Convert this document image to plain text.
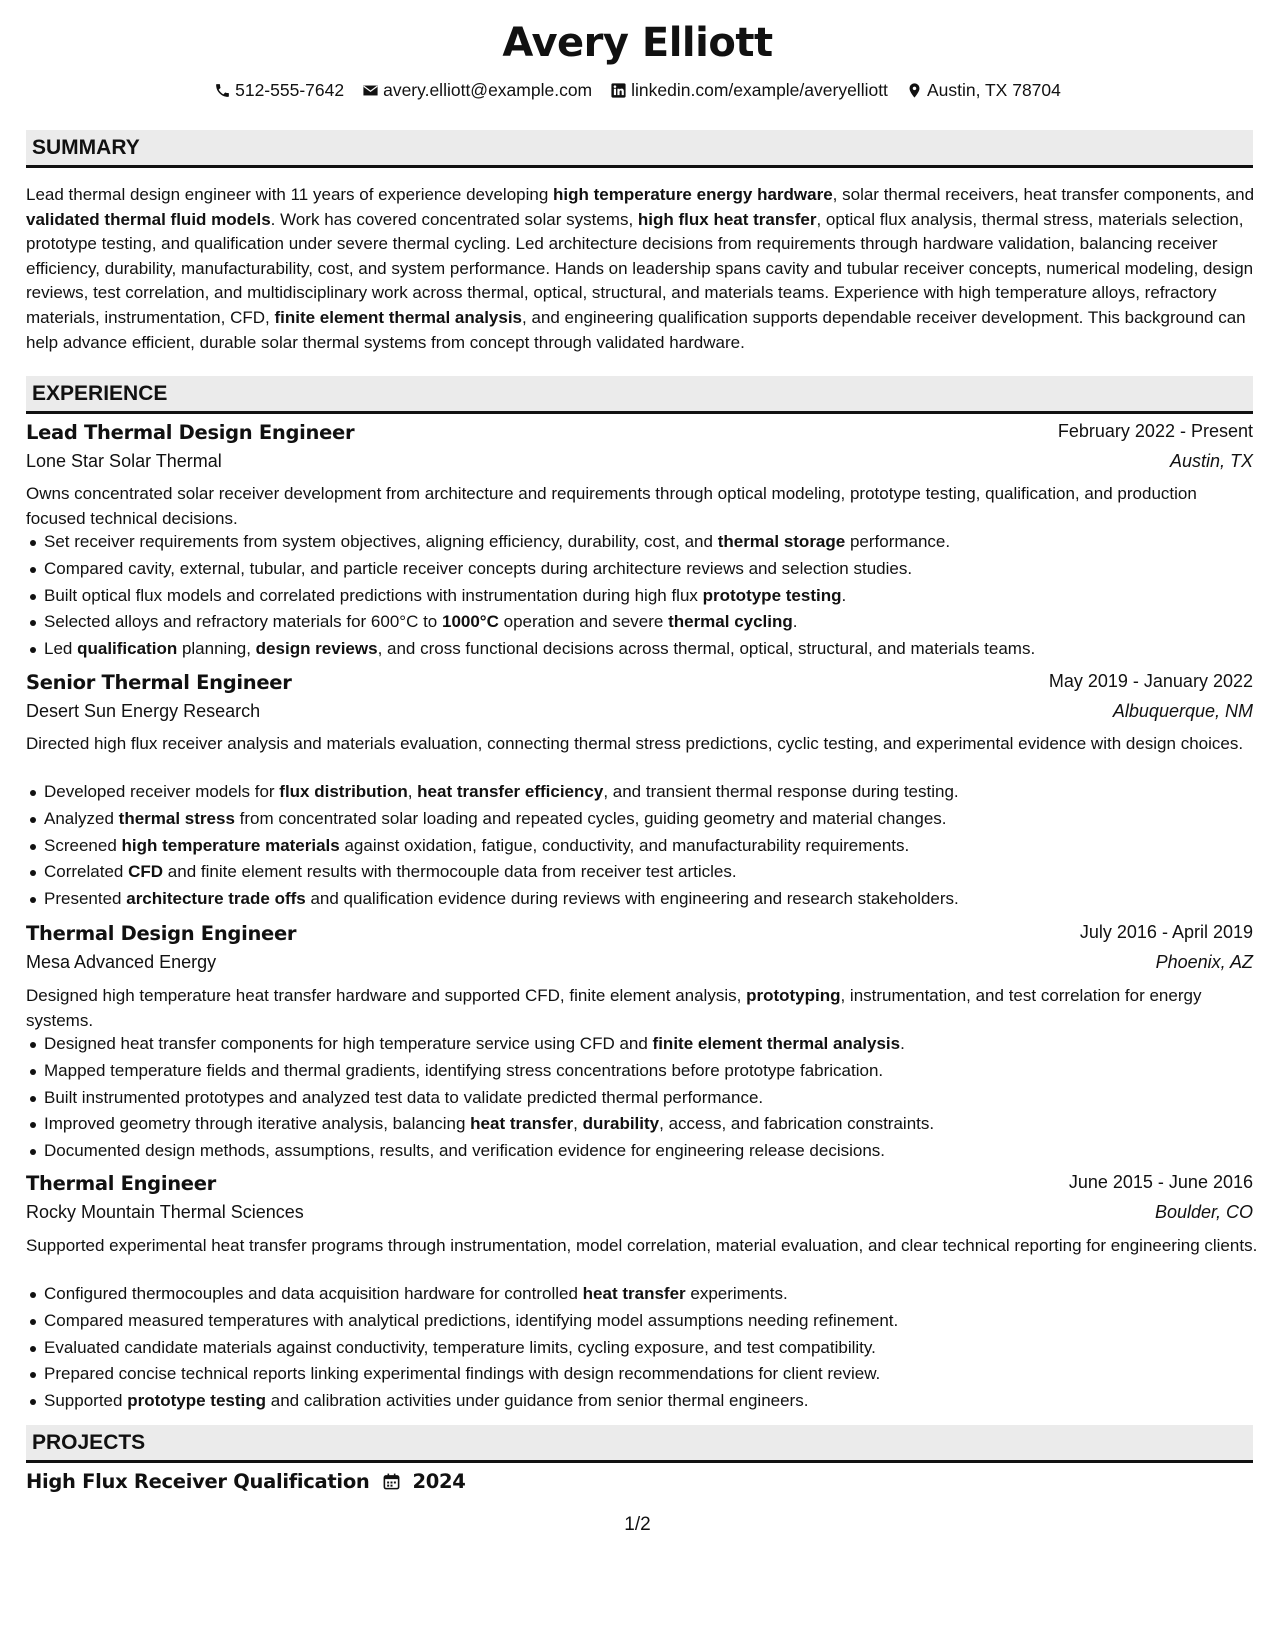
Avery Elliott
512-555-7642 avery.elliott@example.com linkedin.com/example/averyelliott Austin, TX 78704
SUMMARY

Lead thermal design engineer with 11 years of experience developing high temperature energy hardware, solar thermal receivers, heat transfer components, and validated thermal fluid models. Work has covered concentrated solar systems, high flux heat transfer, optical flux analysis, thermal stress, materials selection, prototype testing, and qualification under severe thermal cycling. Led architecture decisions from requirements through hardware validation, balancing receiver efficiency, durability, manufacturability, cost, and system performance. Hands on leadership spans cavity and tubular receiver concepts, numerical modeling, design reviews, test correlation, and multidisciplinary work across thermal, optical, structural, and materials teams. Experience with high temperature alloys, refractory materials, instrumentation, CFD, finite element thermal analysis, and engineering qualification supports dependable receiver development. This background can help advance efficient, durable solar thermal systems from concept through validated hardware.

EXPERIENCE
Lead Thermal Design Engineer	February 2022 - Present
Lone Star Solar Thermal	Austin, TX

Owns concentrated solar receiver development from architecture and requirements through optical modeling, prototype testing, qualification, and production focused technical decisions.

Set receiver requirements from system objectives, aligning efficiency, durability, cost, and thermal storage performance.
Compared cavity, external, tubular, and particle receiver concepts during architecture reviews and selection studies.
Built optical flux models and correlated predictions with instrumentation during high flux prototype testing.
Selected alloys and refractory materials for 600°C to 1000°C operation and severe thermal cycling.
Led qualification planning, design reviews, and cross functional decisions across thermal, optical, structural, and materials teams.
Senior Thermal Engineer	May 2019 - January 2022
Desert Sun Energy Research	Albuquerque, NM

Directed high flux receiver analysis and materials evaluation, connecting thermal stress predictions, cyclic testing, and experimental evidence with design choices.

Developed receiver models for flux distribution, heat transfer efficiency, and transient thermal response during testing.
Analyzed thermal stress from concentrated solar loading and repeated cycles, guiding geometry and material changes.
Screened high temperature materials against oxidation, fatigue, conductivity, and manufacturability requirements.
Correlated CFD and finite element results with thermocouple data from receiver test articles.
Presented architecture trade offs and qualification evidence during reviews with engineering and research stakeholders.
Thermal Design Engineer	July 2016 - April 2019
Mesa Advanced Energy	Phoenix, AZ

Designed high temperature heat transfer hardware and supported CFD, finite element analysis, prototyping, instrumentation, and test correlation for energy systems.

Designed heat transfer components for high temperature service using CFD and finite element thermal analysis.
Mapped temperature fields and thermal gradients, identifying stress concentrations before prototype fabrication.
Built instrumented prototypes and analyzed test data to validate predicted thermal performance.
Improved geometry through iterative analysis, balancing heat transfer, durability, access, and fabrication constraints.
Documented design methods, assumptions, results, and verification evidence for engineering release decisions.
Thermal Engineer	June 2015 - June 2016
Rocky Mountain Thermal Sciences	Boulder, CO

Supported experimental heat transfer programs through instrumentation, model correlation, material evaluation, and clear technical reporting for engineering clients.

Configured thermocouples and data acquisition hardware for controlled heat transfer experiments.
Compared measured temperatures with analytical predictions, identifying model assumptions needing refinement.
Evaluated candidate materials against conductivity, temperature limits, cycling exposure, and test compatibility.
Prepared concise technical reports linking experimental findings with design recommendations for client review.
Supported prototype testing and calibration activities under guidance from senior thermal engineers.
PROJECTS
High Flux Receiver Qualification 2024
1/2
